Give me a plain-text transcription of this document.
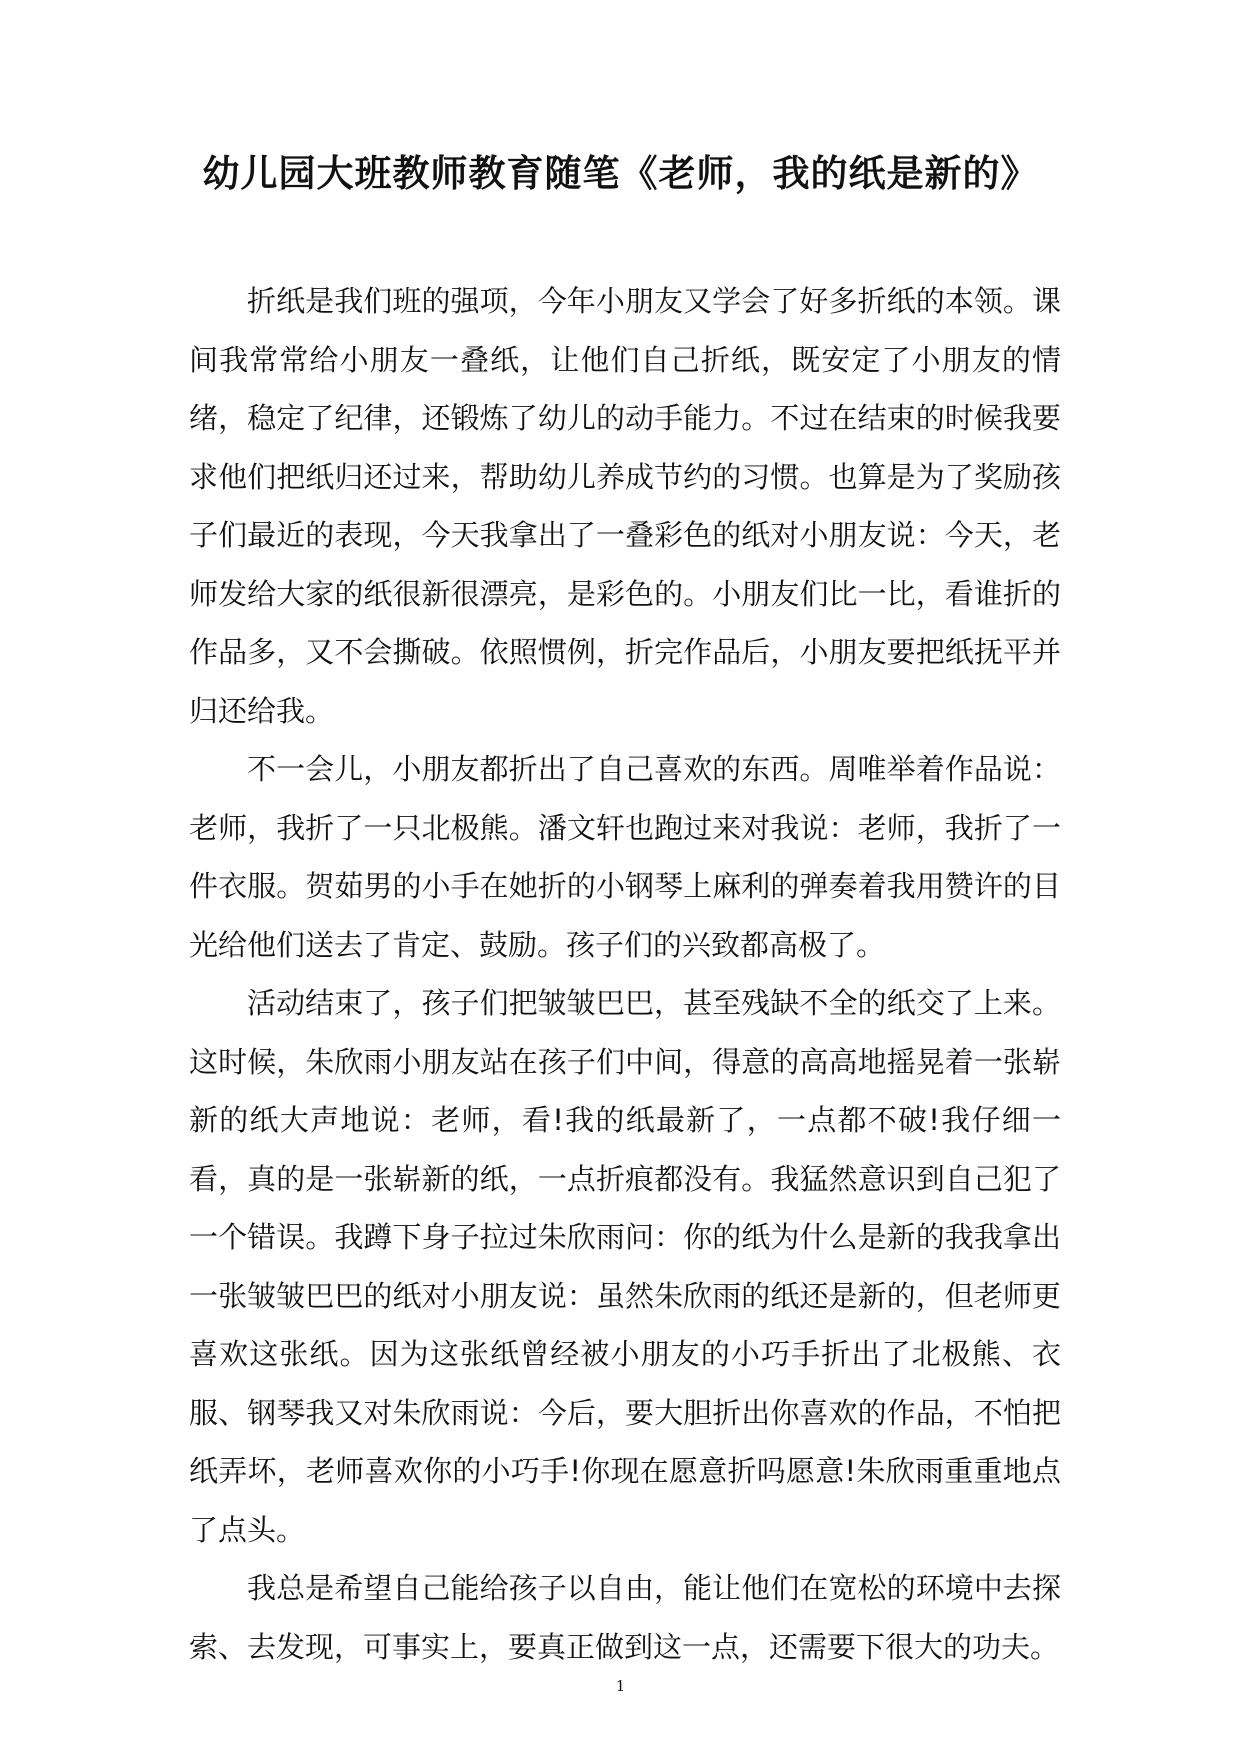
幼儿园大班教师教育随笔《老师，我的纸是新的》

折纸是我们班的强项，今年小朋友又学会了好多折纸的本领。课间我常常给小朋友一叠纸，让他们自己折纸，既安定了小朋友的情绪，稳定了纪律，还锻炼了幼儿的动手能力。不过在结束的时候我要求他们把纸归还过来，帮助幼儿养成节约的习惯。也算是为了奖励孩子们最近的表现，今天我拿出了一叠彩色的纸对小朋友说：今天，老师发给大家的纸很新很漂亮，是彩色的。小朋友们比一比，看谁折的作品多，又不会撕破。依照惯例，折完作品后，小朋友要把纸抚平并归还给我。

不一会儿，小朋友都折出了自己喜欢的东西。周唯举着作品说：老师，我折了一只北极熊。潘文轩也跑过来对我说：老师，我折了一件衣服。贺茹男的小手在她折的小钢琴上麻利的弹奏着我用赞许的目光给他们送去了肯定、鼓励。孩子们的兴致都高极了。

活动结束了，孩子们把皱皱巴巴，甚至残缺不全的纸交了上来。这时候，朱欣雨小朋友站在孩子们中间，得意的高高地摇晃着一张崭新的纸大声地说：老师，看!我的纸最新了，一点都不破!我仔细一看，真的是一张崭新的纸，一点折痕都没有。我猛然意识到自己犯了一个错误。我蹲下身子拉过朱欣雨问：你的纸为什么是新的我我拿出一张皱皱巴巴的纸对小朋友说：虽然朱欣雨的纸还是新的，但老师更喜欢这张纸。因为这张纸曾经被小朋友的小巧手折出了北极熊、衣服、钢琴我又对朱欣雨说：今后，要大胆折出你喜欢的作品，不怕把纸弄坏，老师喜欢你的小巧手!你现在愿意折吗愿意!朱欣雨重重地点了点头。

我总是希望自己能给孩子以自由，能让他们在宽松的环境中去探索、去发现，可事实上，要真正做到这一点，还需要下很大的功夫。

1
